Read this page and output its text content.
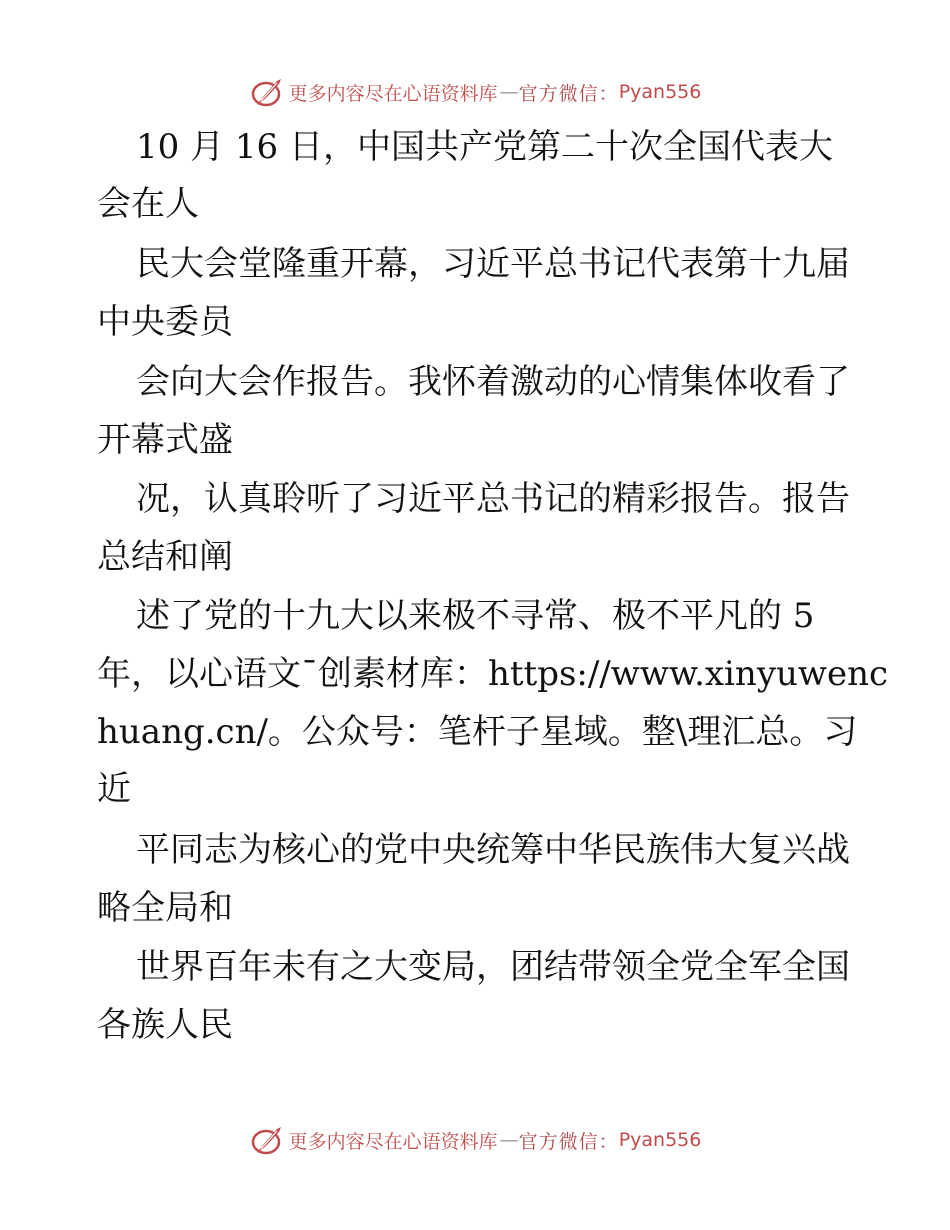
更多内容尽在心语资料库 — 官方微信： Pyan556
10 月 16 日，中国共产党第二十次全国代表大
会在人
民大会堂隆重开幕，习近平总书记代表第十九届
中央委员
会向大会作报告。我怀着激动的心情集体收看了
开幕式盛
况，认真聆听了习近平总书记的精彩报告。报告
总结和阐
述了党的十九大以来极不寻常、极不平凡的 5
年，以心语文¯创素材库：https://www.xinyuwenc
huang.cn/。公众号：笔杆子星域。整\理汇总。习
近
平同志为核心的党中央统筹中华民族伟大复兴战
略全局和
世界百年未有之大变局，团结带领全党全军全国
各族人民
更多内容尽在心语资料库 — 官方微信： Pyan556
